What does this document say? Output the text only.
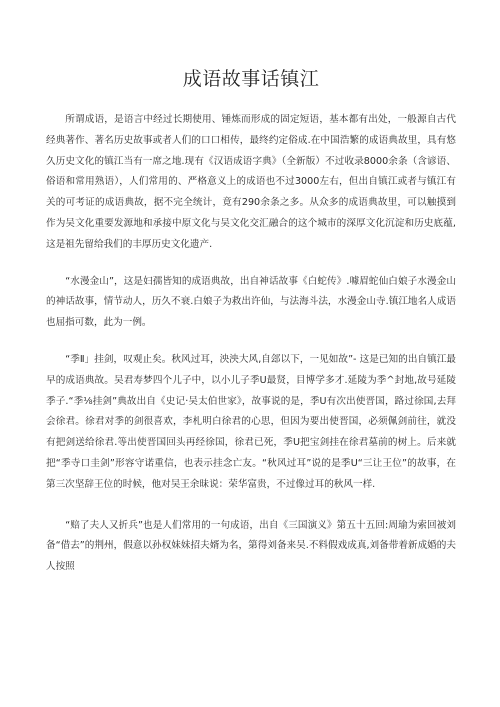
成语故事话镇江

所谓成语，是语言中经过长期使用、锤炼而形成的固定短语，基本都有出处，一般源自古代经典著作、著名历史故事或者人们的口口相传，最终约定俗成.在中国浩繁的成语典故里，具有悠久历史文化的镇江当有一席之地.现有《汉语成语字典》（全新版）不过收录8000余条（含谚语、俗语和常用熟语），人们常用的、严格意义上的成语也不过3000左右，但出自镇江或者与镇江有关的可考证的成语典故，据不完全统计，竟有290余条之多。从众多的成语典故里，可以触摸到作为吴文化重要发源地和承接中原文化与吴文化交汇融合的这个城市的深厚文化沉淀和历史底蕴,这是祖先留给我们的丰厚历史文化遗产.

“水漫金山”，这是妇孺皆知的成语典故，出自神话故事《白蛇传》.噱眉蛇仙白娘子水漫金山的神话故事，情节动人，历久不衰.白娘子为救出许仙，与法海斗法，水漫金山寺.镇江地名人成语也屈指可数，此为一例。

“季Ⅱ」挂剑，叹观止矣。秋风过耳，泱泱大风,自郐以下，一见如故”- 这是已知的出自镇江最早的成语典故。吴君寿梦四个儿子中，以小儿子季U最贤，目博学多才.延陵为季^封地,故号延陵季子.“季⅛挂剑”典故出自《史记·吴太伯世家》，故事说的是，季U有次出使晋国，路过徐国,去拜会徐君。徐君对季的剑很喜欢，李札明白徐君的心思，但因为要出使晋国，必须佩剑前往，就没有把剑送给徐君.等出使晋国回头再经徐国，徐君已死，季U把宝剑挂在徐君墓前的树上。后来就把“季寺口圭剑”形容守诺重信，也表示挂念亡友。“秋风过耳”说的是季U“三让王位”的故事，在第三次坚辞王位的时候，他对吴王余昧说：荣华富贵，不过像过耳的秋风一样.

“赔了夫人又折兵”也是人们常用的一句成语，出自《三国演义》第五十五回:周瑜为索回被刘备“借去”的荆州，假意以孙权妹妹招夫婿为名，第得刘备来吴.不料假戏成真,刘备带着新成婚的夫人按照
